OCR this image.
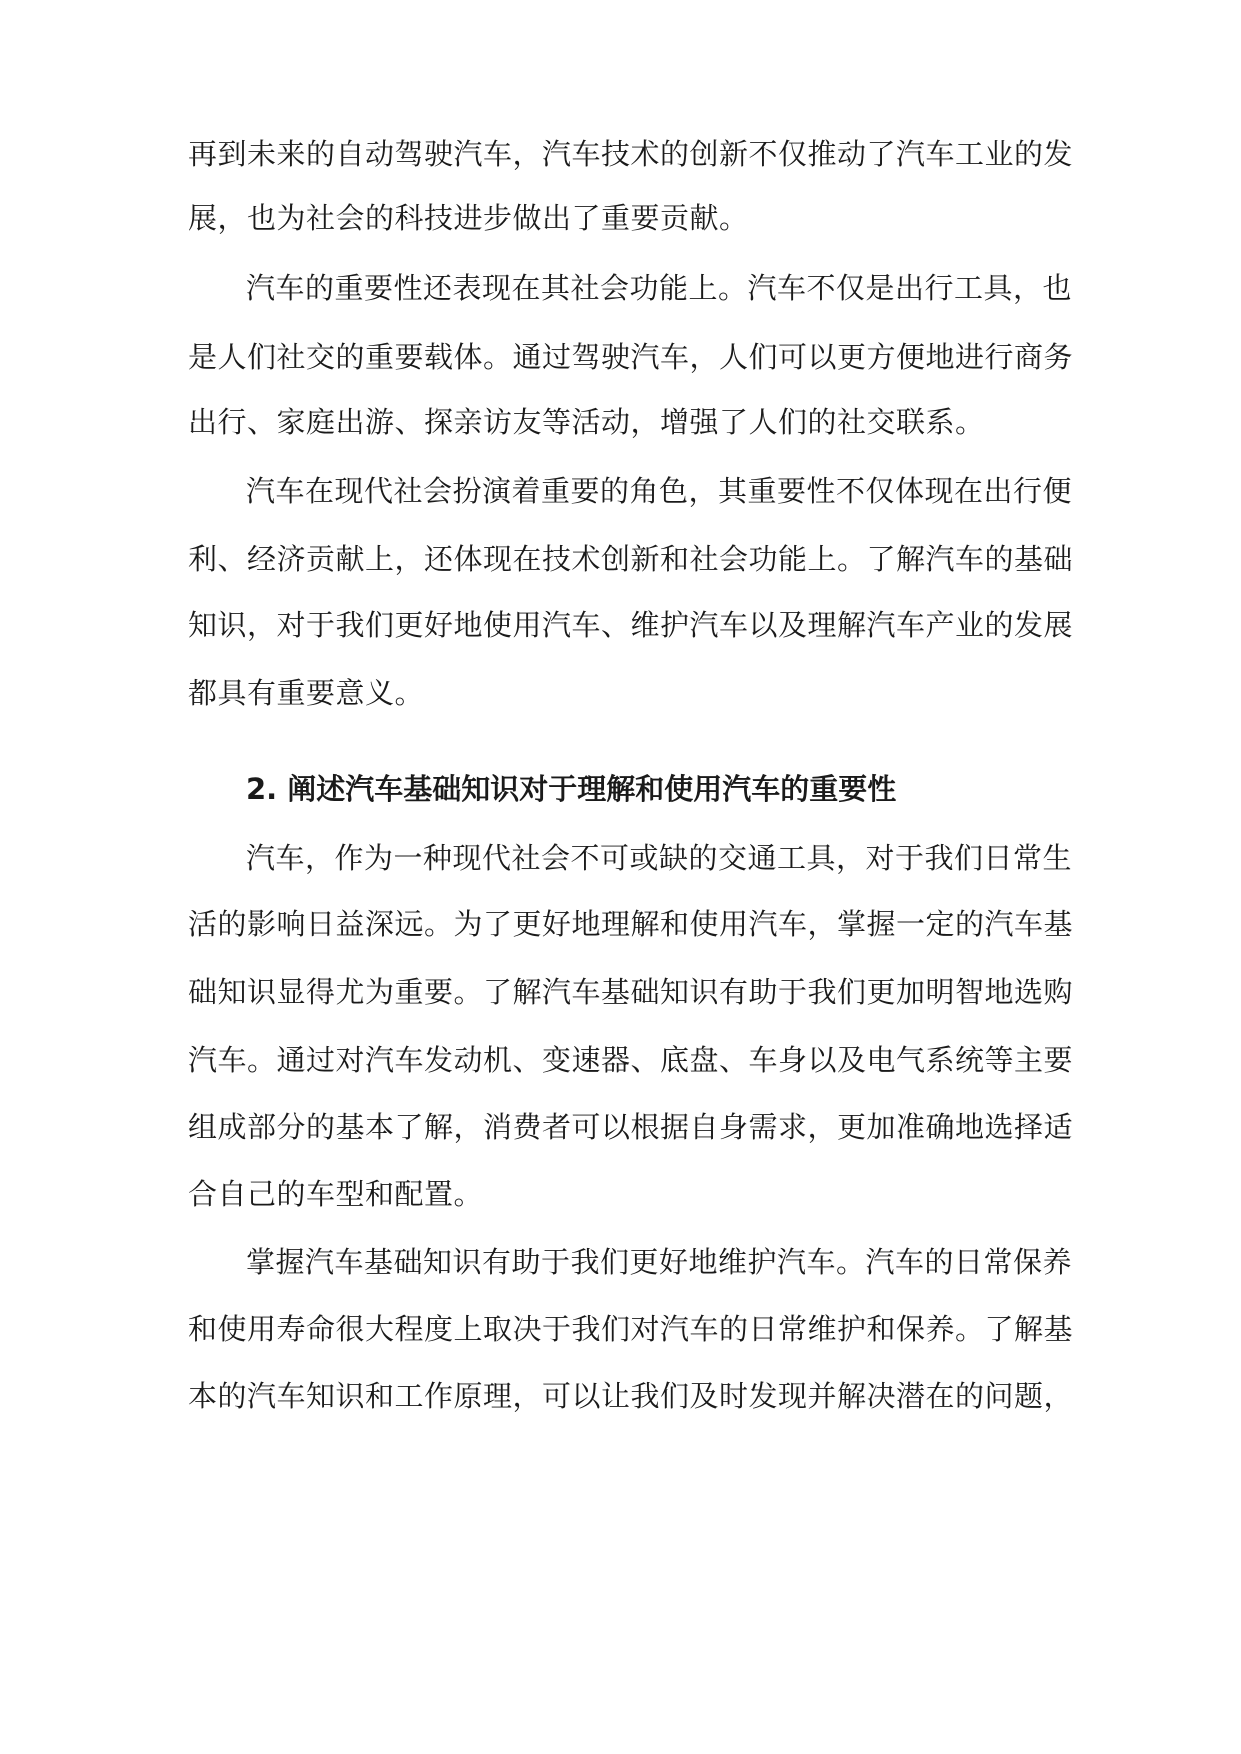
再到未来的自动驾驶汽车，汽车技术的创新不仅推动了汽车工业的发
展，也为社会的科技进步做出了重要贡献。
汽车的重要性还表现在其社会功能上。汽车不仅是出行工具，也
是人们社交的重要载体。通过驾驶汽车，人们可以更方便地进行商务
出行、家庭出游、探亲访友等活动，增强了人们的社交联系。
汽车在现代社会扮演着重要的角色，其重要性不仅体现在出行便
利、经济贡献上，还体现在技术创新和社会功能上。了解汽车的基础
知识，对于我们更好地使用汽车、维护汽车以及理解汽车产业的发展
都具有重要意义。
2. 阐述汽车基础知识对于理解和使用汽车的重要性
汽车，作为一种现代社会不可或缺的交通工具，对于我们日常生
活的影响日益深远。为了更好地理解和使用汽车，掌握一定的汽车基
础知识显得尤为重要。了解汽车基础知识有助于我们更加明智地选购
汽车。通过对汽车发动机、变速器、底盘、车身以及电气系统等主要
组成部分的基本了解，消费者可以根据自身需求，更加准确地选择适
合自己的车型和配置。
掌握汽车基础知识有助于我们更好地维护汽车。汽车的日常保养
和使用寿命很大程度上取决于我们对汽车的日常维护和保养。了解基
本的汽车知识和工作原理，可以让我们及时发现并解决潜在的问题，
